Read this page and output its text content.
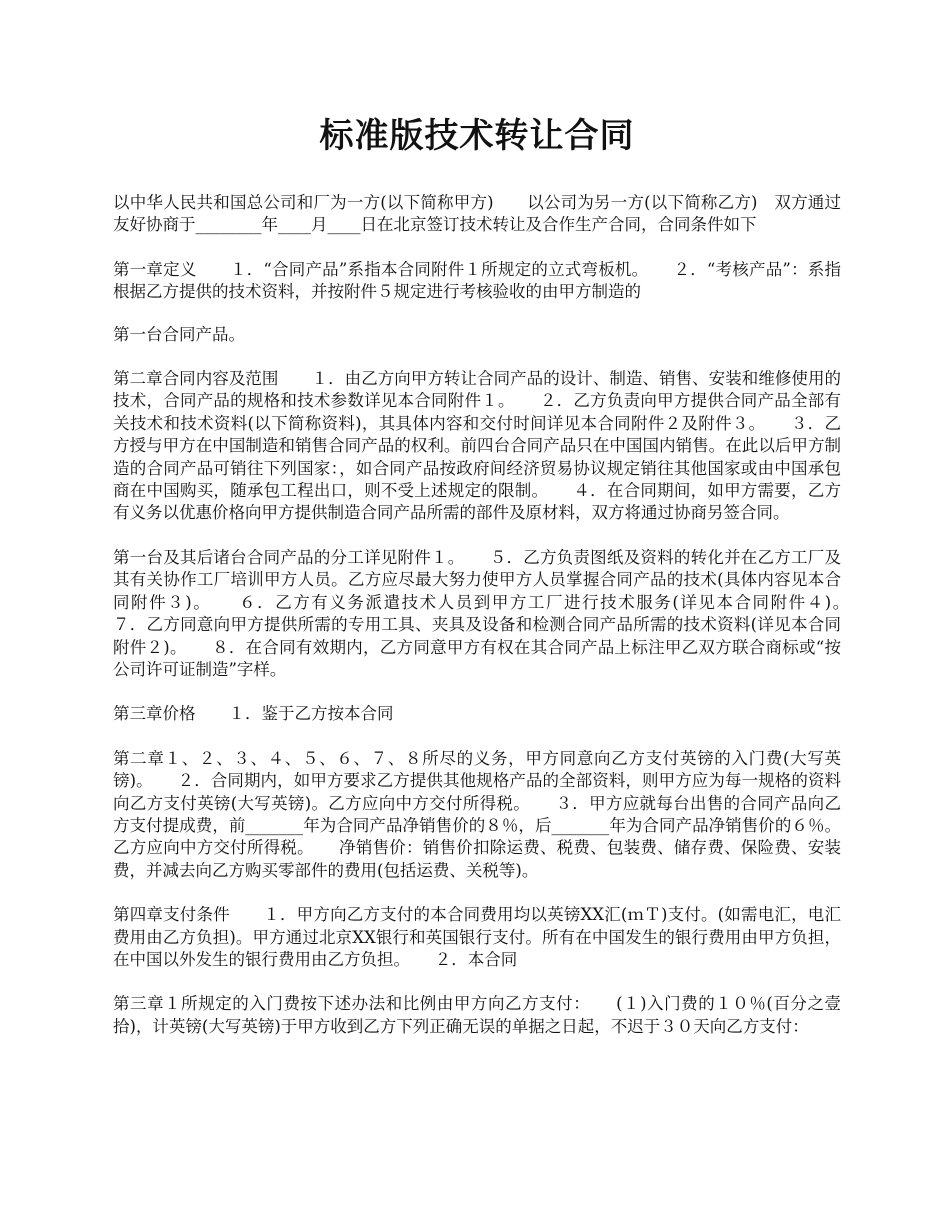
标准版技术转让合同

以中华人民共和国总公司和厂为一方(以下简称甲方)　　以公司为另一方(以下简称乙方)　双方通过友好协商于________年____月____日在北京签订技术转让及合作生产合同，合同条件如下

第一章定义　　１．“合同产品”系指本合同附件１所规定的立式弯板机。　　２．“考核产品”：系指根据乙方提供的技术资料，并按附件５规定进行考核验收的由甲方制造的

第一台合同产品。

第二章合同内容及范围　　１．由乙方向甲方转让合同产品的设计、制造、销售、安装和维修使用的技术，合同产品的规格和技术参数详见本合同附件１。　　２．乙方负责向甲方提供合同产品全部有关技术和技术资料(以下简称资料)，其具体内容和交付时间详见本合同附件２及附件３。　　３．乙方授与甲方在中国制造和销售合同产品的权利。前四台合同产品只在中国国内销售。在此以后甲方制造的合同产品可销往下列国家：，如合同产品按政府间经济贸易协议规定销往其他国家或由中国承包商在中国购买，随承包工程出口，则不受上述规定的限制。　　４．在合同期间，如甲方需要，乙方有义务以优惠价格向甲方提供制造合同产品所需的部件及原材料，双方将通过协商另签合同。

第一台及其后诸台合同产品的分工详见附件１。　　５．乙方负责图纸及资料的转化并在乙方工厂及其有关协作工厂培训甲方人员。乙方应尽最大努力使甲方人员掌握合同产品的技术(具体内容见本合同附件３)。　　６．乙方有义务派遣技术人员到甲方工厂进行技术服务(详见本合同附件４)。　　７．乙方同意向甲方提供所需的专用工具、夹具及设备和检测合同产品所需的技术资料(详见本合同附件２)。　　８．在合同有效期内，乙方同意甲方有权在其合同产品上标注甲乙双方联合商标或“按公司许可证制造”字样。

第三章价格　　１．鉴于乙方按本合同

第二章１、２、３、４、５、６、７、８所尽的义务，甲方同意向乙方支付英镑的入门费(大写英镑)。　　２．合同期内，如甲方要求乙方提供其他规格产品的全部资料，则甲方应为每一规格的资料向乙方支付英镑(大写英镑)。乙方应向中方交付所得税。　　３．甲方应就每台出售的合同产品向乙方支付提成费，前_______年为合同产品净销售价的８％，后_______年为合同产品净销售价的６％。乙方应向中方交付所得税。　　净销售价：销售价扣除运费、税费、包装费、储存费、保险费、安装费，并减去向乙方购买零部件的费用(包括运费、关税等)。

第四章支付条件　　１．甲方向乙方支付的本合同费用均以英镑XX汇(ｍＴ)支付。(如需电汇，电汇费用由乙方负担)。甲方通过北京XX银行和英国银行支付。所有在中国发生的银行费用由甲方负担，在中国以外发生的银行费用由乙方负担。　　２．本合同

第三章１所规定的入门费按下述办法和比例由甲方向乙方支付：　　(１)入门费的１０％(百分之壹拾)，计英镑(大写英镑)于甲方收到乙方下列正确无误的单据之日起，不迟于３０天向乙方支付：
